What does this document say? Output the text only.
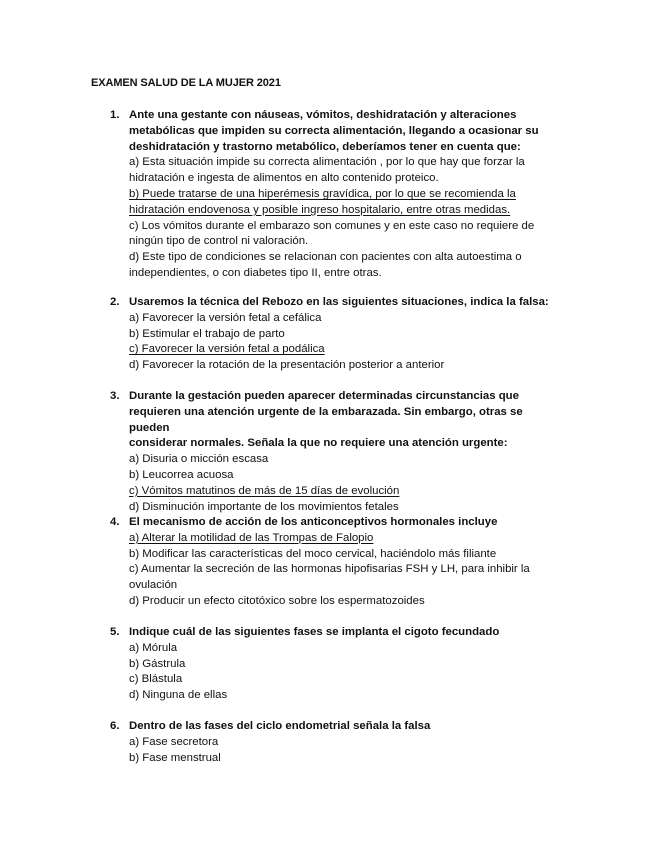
EXAMEN SALUD DE LA MUJER 2021
1. Ante una gestante con náuseas, vómitos, deshidratación y alteraciones
metabólicas que impiden su correcta alimentación, llegando a ocasionar su
deshidratación y trastorno metabólico, deberíamos tener en cuenta que:
a) Esta situación impide su correcta alimentación , por lo que hay que forzar la
hidratación e ingesta de alimentos en alto contenido proteico.
b) Puede tratarse de una hiperémesis gravídica, por lo que se recomienda la
hidratación endovenosa y posible ingreso hospitalario, entre otras medidas.
c) Los vómitos durante el embarazo son comunes y en este caso no requiere de
ningún tipo de control ni valoración.
d) Este tipo de condiciones se relacionan con pacientes con alta autoestima o
independientes, o con diabetes tipo II, entre otras.
2. Usaremos la técnica del Rebozo en las siguientes situaciones, indica la falsa:
a) Favorecer la versión fetal a cefálica
b) Estimular el trabajo de parto
c) Favorecer la versión fetal a podálica
d) Favorecer la rotación de la presentación posterior a anterior
3. Durante la gestación pueden aparecer determinadas circunstancias que
requieren una atención urgente de la embarazada. Sin embargo, otras se pueden
considerar normales. Señala la que no requiere una atención urgente:
a) Disuria o micción escasa
b) Leucorrea acuosa
c) Vómitos matutinos de más de 15 días de evolución
d) Disminución importante de los movimientos fetales
4. El mecanismo de acción de los anticonceptivos hormonales incluye
a) Alterar la motilidad de las Trompas de Falopio
b) Modificar las características del moco cervical, haciéndolo más filiante
c) Aumentar la secreción de las hormonas hipofisarias FSH y LH, para inhibir la
ovulación
d) Producir un efecto citotóxico sobre los espermatozoides
5. Indique cuál de las siguientes fases se implanta el cigoto fecundado
a) Mórula
b) Gástrula
c) Blástula
d) Ninguna de ellas
6. Dentro de las fases del ciclo endometrial señala la falsa
a) Fase secretora
b) Fase menstrual
